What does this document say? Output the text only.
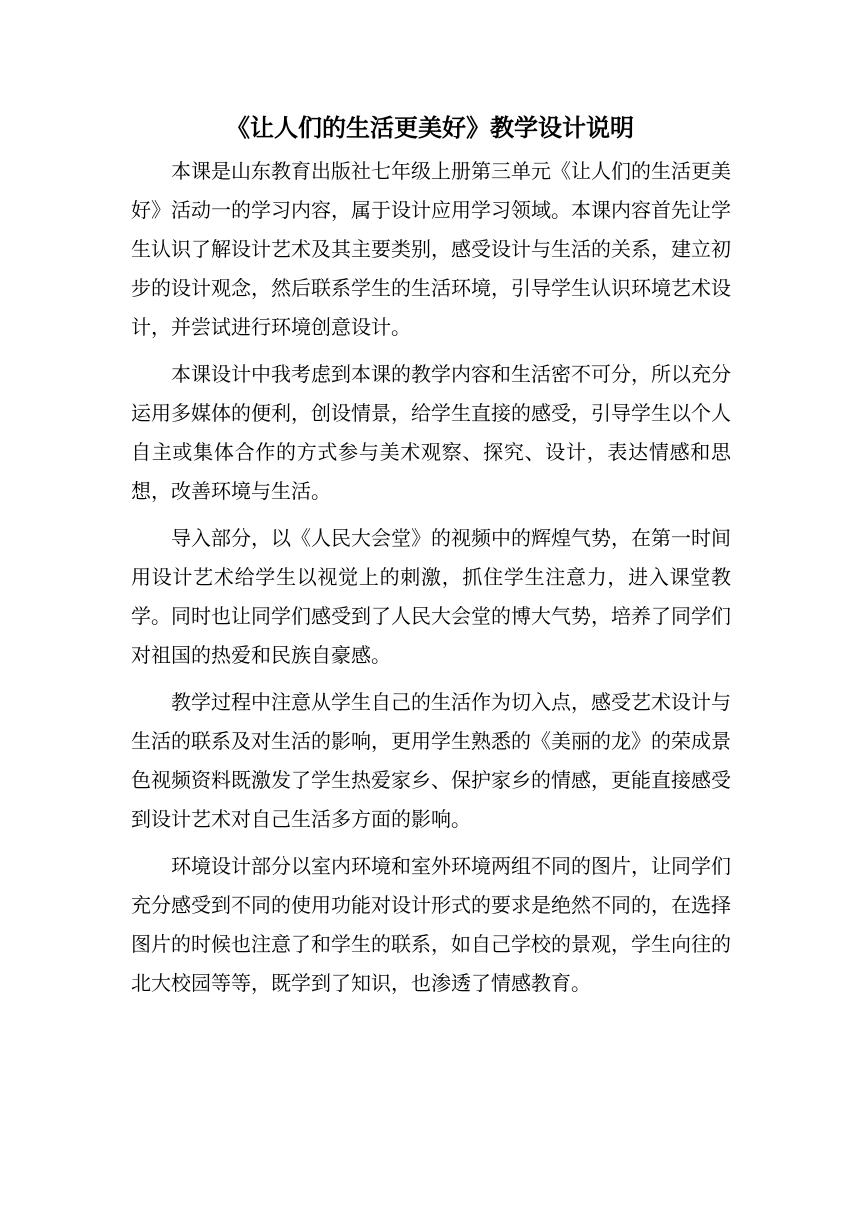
《让人们的生活更美好》教学设计说明

本课是山东教育出版社七年级上册第三单元《让人们的生活更美好》活动一的学习内容，属于设计应用学习领域。本课内容首先让学生认识了解设计艺术及其主要类别，感受设计与生活的关系，建立初步的设计观念，然后联系学生的生活环境，引导学生认识环境艺术设计，并尝试进行环境创意设计。

本课设计中我考虑到本课的教学内容和生活密不可分，所以充分运用多媒体的便利，创设情景，给学生直接的感受，引导学生以个人自主或集体合作的方式参与美术观察、探究、设计，表达情感和思想，改善环境与生活。

导入部分，以《人民大会堂》的视频中的辉煌气势，在第一时间用设计艺术给学生以视觉上的刺激，抓住学生注意力，进入课堂教学。同时也让同学们感受到了人民大会堂的博大气势，培养了同学们对祖国的热爱和民族自豪感。

教学过程中注意从学生自己的生活作为切入点，感受艺术设计与生活的联系及对生活的影响，更用学生熟悉的《美丽的龙》的荣成景色视频资料既激发了学生热爱家乡、保护家乡的情感，更能直接感受到设计艺术对自己生活多方面的影响。

环境设计部分以室内环境和室外环境两组不同的图片，让同学们充分感受到不同的使用功能对设计形式的要求是绝然不同的，在选择图片的时候也注意了和学生的联系，如自己学校的景观，学生向往的北大校园等等，既学到了知识，也渗透了情感教育。
